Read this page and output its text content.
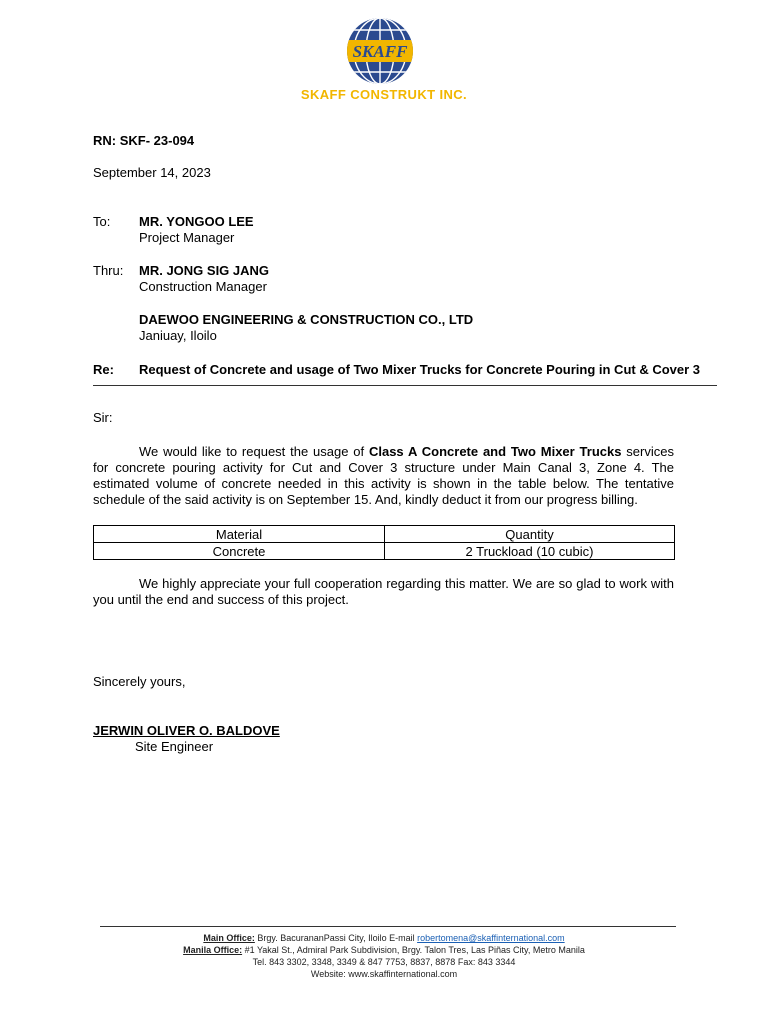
SKAFF
SKAFF CONSTRUKT INC.
RN: SKF- 23-094
September 14, 2023
To: MR. YONGOO LEE
Project Manager
Thru: MR. JONG SIG JANG
Construction Manager
DAEWOO ENGINEERING & CONSTRUCTION CO., LTD
Janiuay, Iloilo
Re: Request of Concrete and usage of Two Mixer Trucks for Concrete Pouring in Cut & Cover 3
Sir:
We would like to request the usage of Class A Concrete and Two Mixer Trucks services for concrete pouring activity for Cut and Cover 3 structure under Main Canal 3, Zone 4. The estimated volume of concrete needed in this activity is shown in the table below. The tentative schedule of the said activity is on September 15. And, kindly deduct it from our progress billing.
Material	Quantity
Concrete	2 Truckload (10 cubic)
We highly appreciate your full cooperation regarding this matter. We are so glad to work with you until the end and success of this project.
Sincerely yours,
JERWIN OLIVER O. BALDOVE
Site Engineer
Main Office: Brgy. BacurananPassi City, Iloilo E-mail robertomena@skaffinternational.com
Manila Office: #1 Yakal St., Admiral Park Subdivision, Brgy. Talon Tres, Las Piñas City, Metro Manila
Tel. 843 3302, 3348, 3349 & 847 7753, 8837, 8878 Fax: 843 3344
Website: www.skaffinternational.com
